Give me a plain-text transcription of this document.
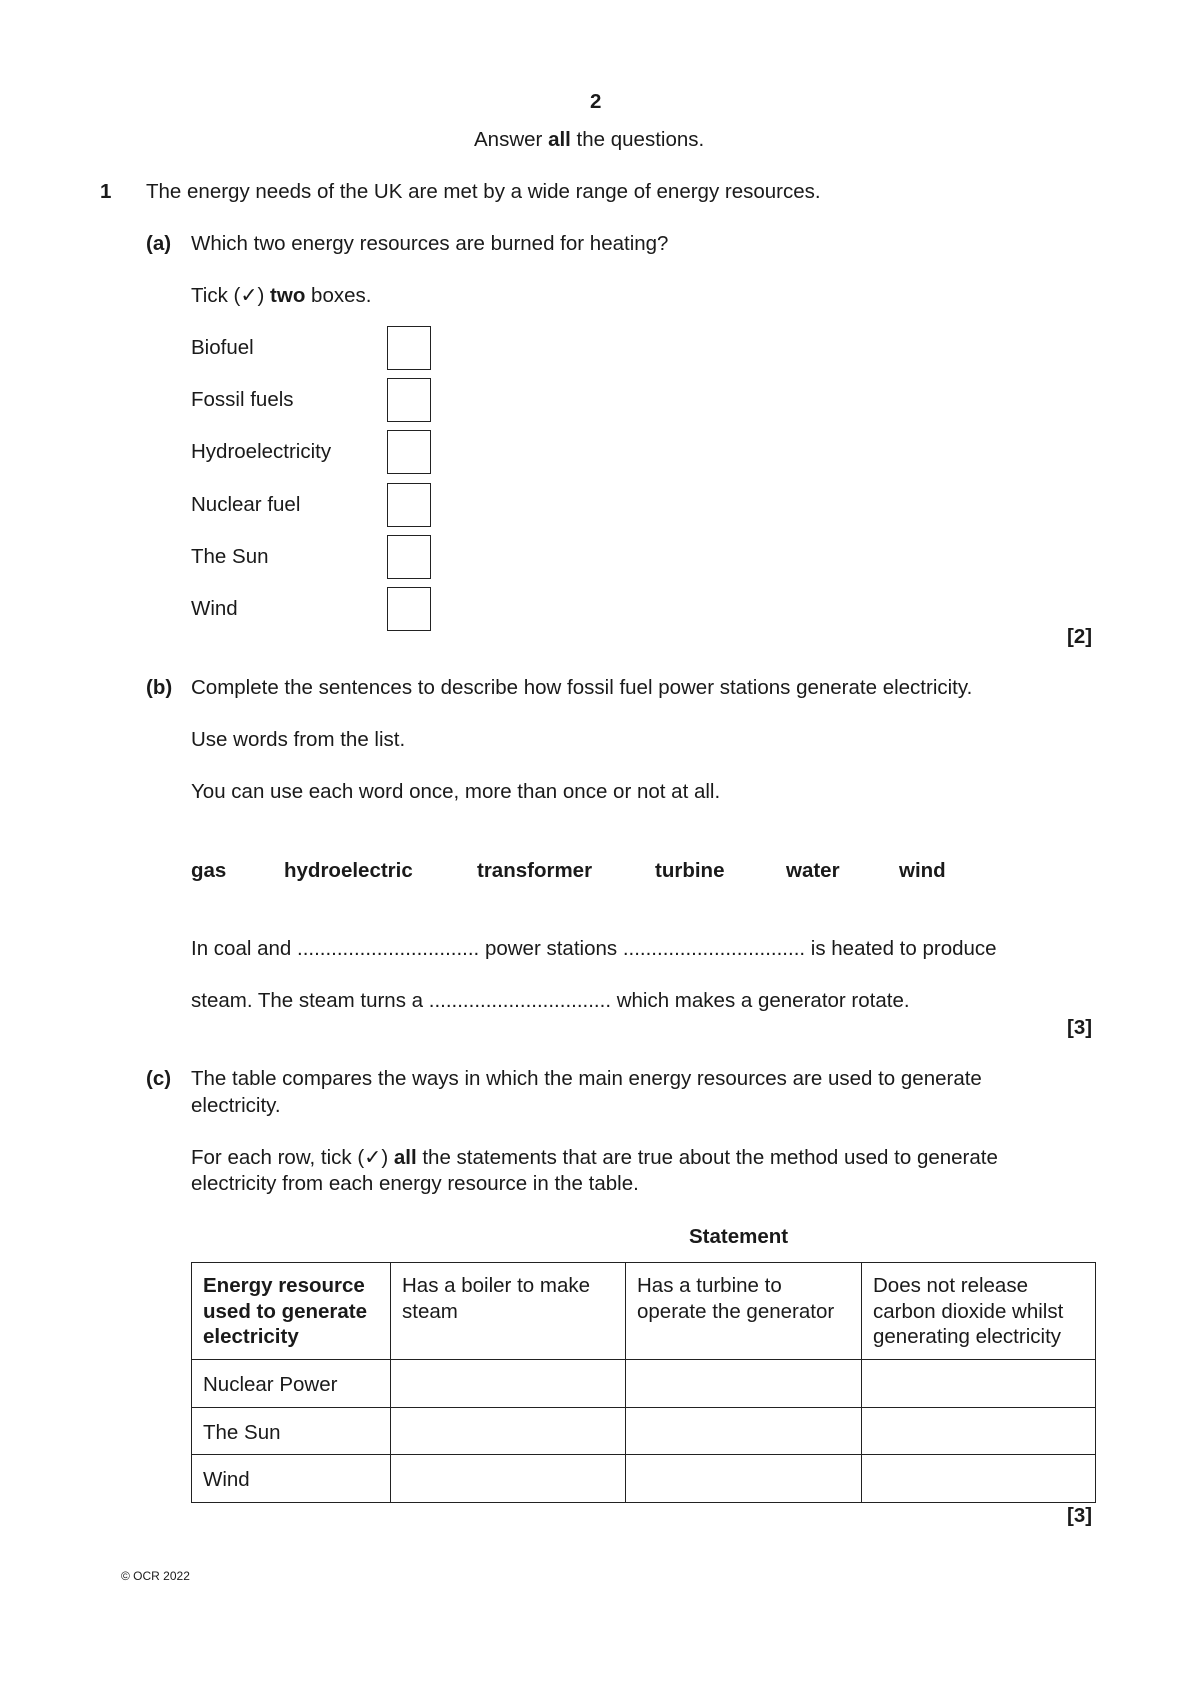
2
Answer all the questions.
1 The energy needs of the UK are met by a wide range of energy resources.
(a) Which two energy resources are burned for heating?
Tick (✓) two boxes.
Biofuel
Fossil fuels
Hydroelectricity
Nuclear fuel
The Sun
Wind
[2]
(b) Complete the sentences to describe how fossil fuel power stations generate electricity.
Use words from the list.
You can use each word once, more than once or not at all.
gas	hydroelectric	transformer	turbine	water	wind
In coal and ................................ power stations ................................ is heated to produce
steam. The steam turns a ................................ which makes a generator rotate.
[3]
(c) The table compares the ways in which the main energy resources are used to generate
electricity.
For each row, tick (✓) all the statements that are true about the method used to generate
electricity from each energy resource in the table.
Statement
Energy resource used to generate electricity	Has a boiler to make steam	Has a turbine to operate the generator	Does not release carbon dioxide whilst generating electricity
Nuclear Power			
The Sun			
Wind			
[3]
© OCR 2022
